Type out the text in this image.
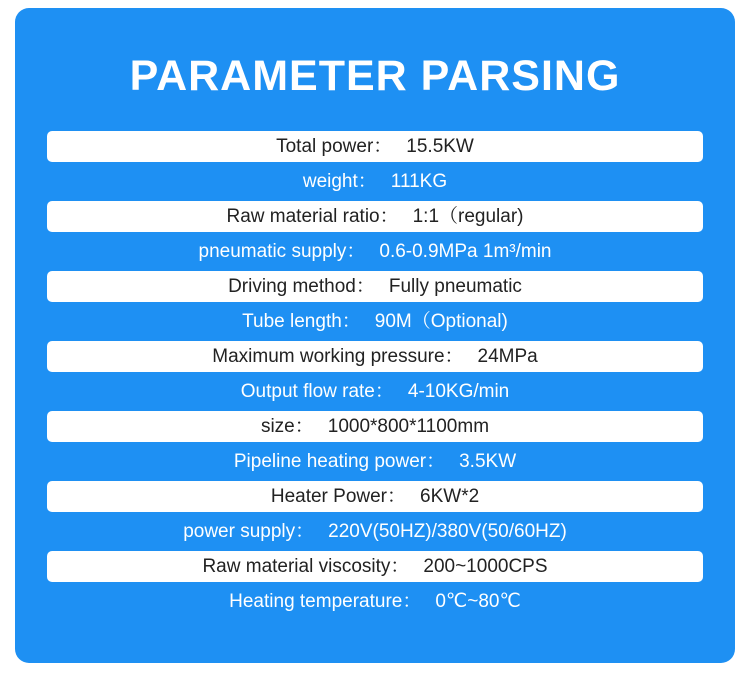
PARAMETER PARSING
Total power： 15.5KW
weight： 111KG
Raw material ratio： 1:1（regular)
pneumatic supply： 0.6-0.9MPa 1m³/min
Driving method： Fully pneumatic
Tube length： 90M（Optional)
Maximum working pressure： 24MPa
Output flow rate： 4-10KG/min
size： 1000*800*1100mm
Pipeline heating power： 3.5KW
Heater Power： 6KW*2
power supply： 220V(50HZ)/380V(50/60HZ)
Raw material viscosity： 200~1000CPS
Heating temperature： 0℃~80℃
